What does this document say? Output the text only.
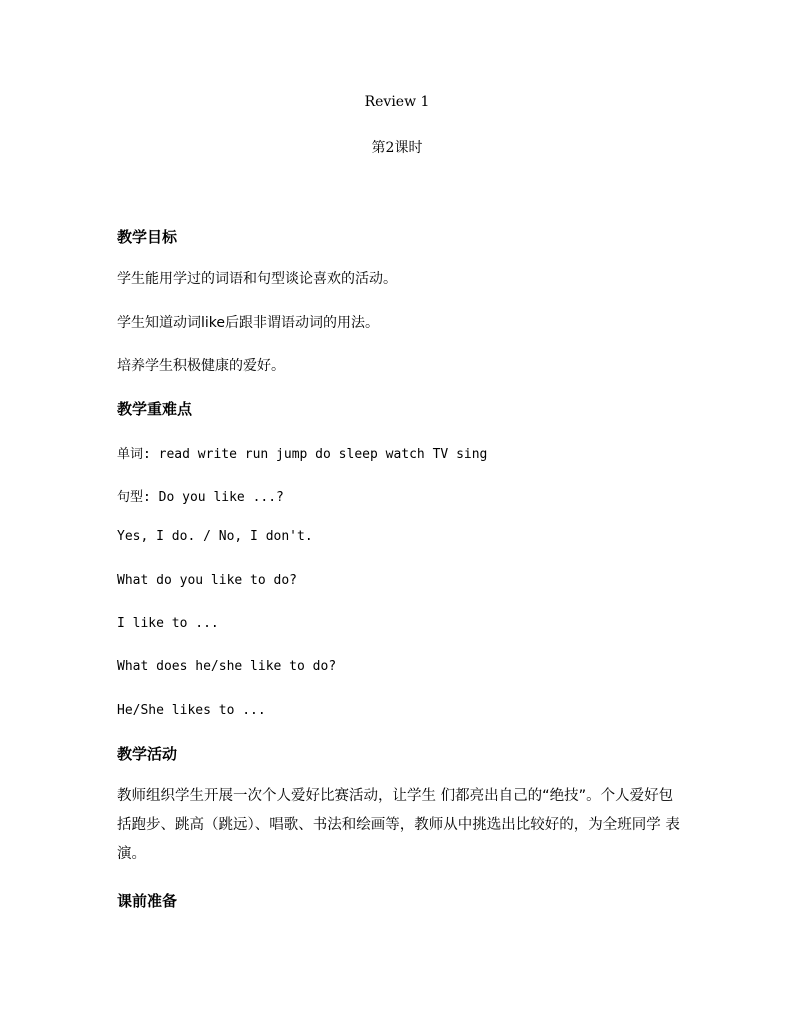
Review 1
第2课时
教学目标
学生能用学过的词语和句型谈论喜欢的活动。
学生知道动词like后跟非谓语动词的用法。
培养学生积极健康的爱好。
教学重难点
单词: read write run jump do sleep watch TV sing
句型: Do you like ...?
Yes, I do. / No, I don't.
What do you like to do?
I like to ...
What does he/she like to do?
He/She likes to ...
教学活动
教师组织学生开展一次个人爱好比赛活动，让学生 们都亮出自己的“绝技”。个人爱好包括跑步、跳高（跳远）、唱歌、书法和绘画等，教师从中挑选出比较好的，为全班同学 表演。
课前准备
